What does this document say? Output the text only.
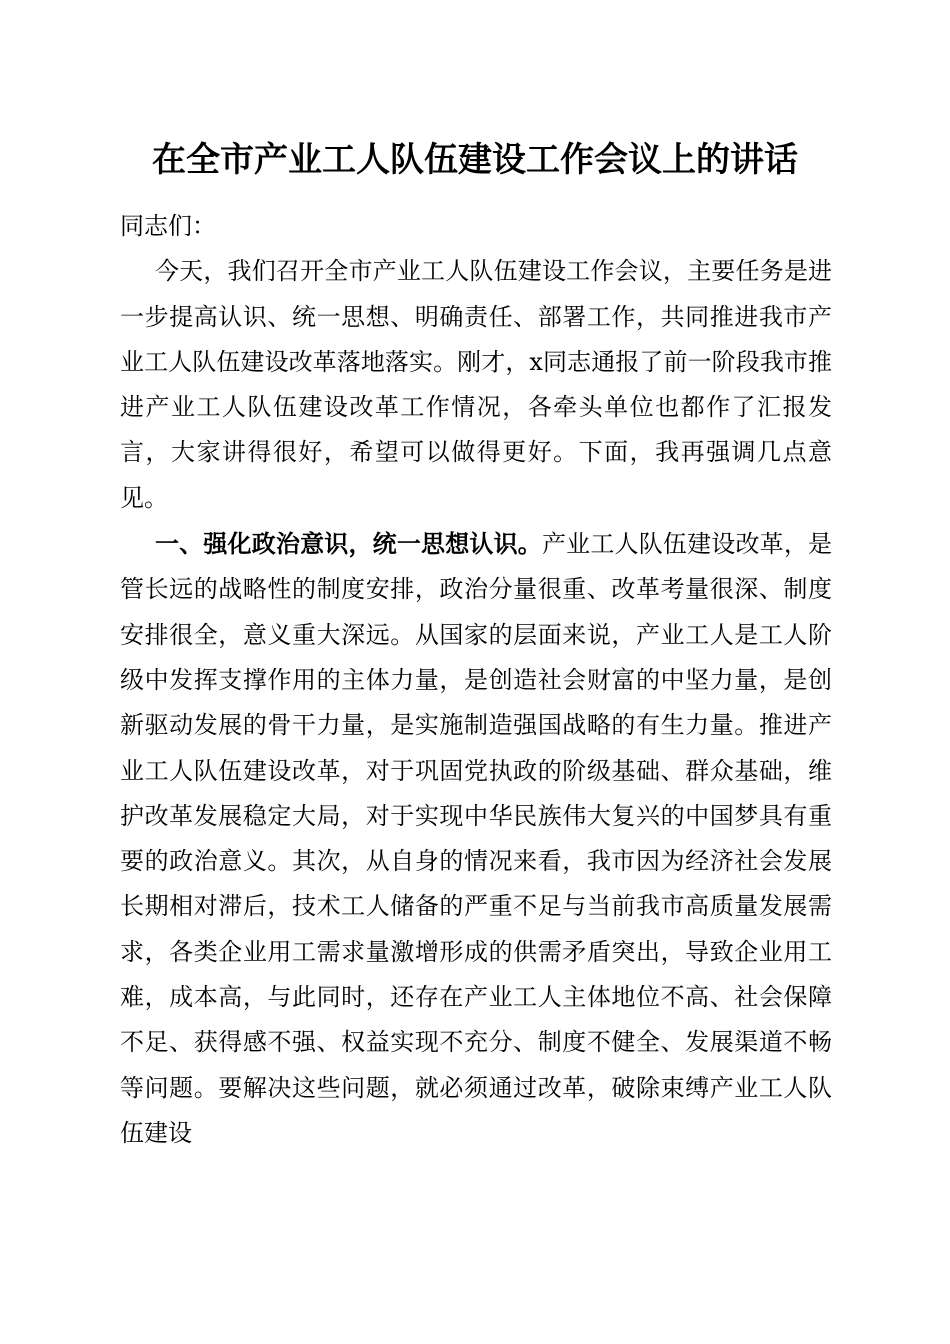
在全市产业工人队伍建设工作会议上的讲话

同志们：

今天，我们召开全市产业工人队伍建设工作会议，主要任务是进一步提高认识、统一思想、明确责任、部署工作，共同推进我市产业工人队伍建设改革落地落实。刚才，x同志通报了前一阶段我市推进产业工人队伍建设改革工作情况，各牵头单位也都作了汇报发言，大家讲得很好，希望可以做得更好。下面，我再强调几点意见。

一、强化政治意识，统一思想认识。产业工人队伍建设改革，是管长远的战略性的制度安排，政治分量很重、改革考量很深、制度安排很全，意义重大深远。从国家的层面来说，产业工人是工人阶级中发挥支撑作用的主体力量，是创造社会财富的中坚力量，是创新驱动发展的骨干力量，是实施制造强国战略的有生力量。推进产业工人队伍建设改革，对于巩固党执政的阶级基础、群众基础，维护改革发展稳定大局，对于实现中华民族伟大复兴的中国梦具有重要的政治意义。其次，从自身的情况来看，我市因为经济社会发展长期相对滞后，技术工人储备的严重不足与当前我市高质量发展需求，各类企业用工需求量激增形成的供需矛盾突出，导致企业用工难，成本高，与此同时，还存在产业工人主体地位不高、社会保障不足、获得感不强、权益实现不充分、制度不健全、发展渠道不畅等问题。要解决这些问题，就必须通过改革，破除束缚产业工人队伍建设
